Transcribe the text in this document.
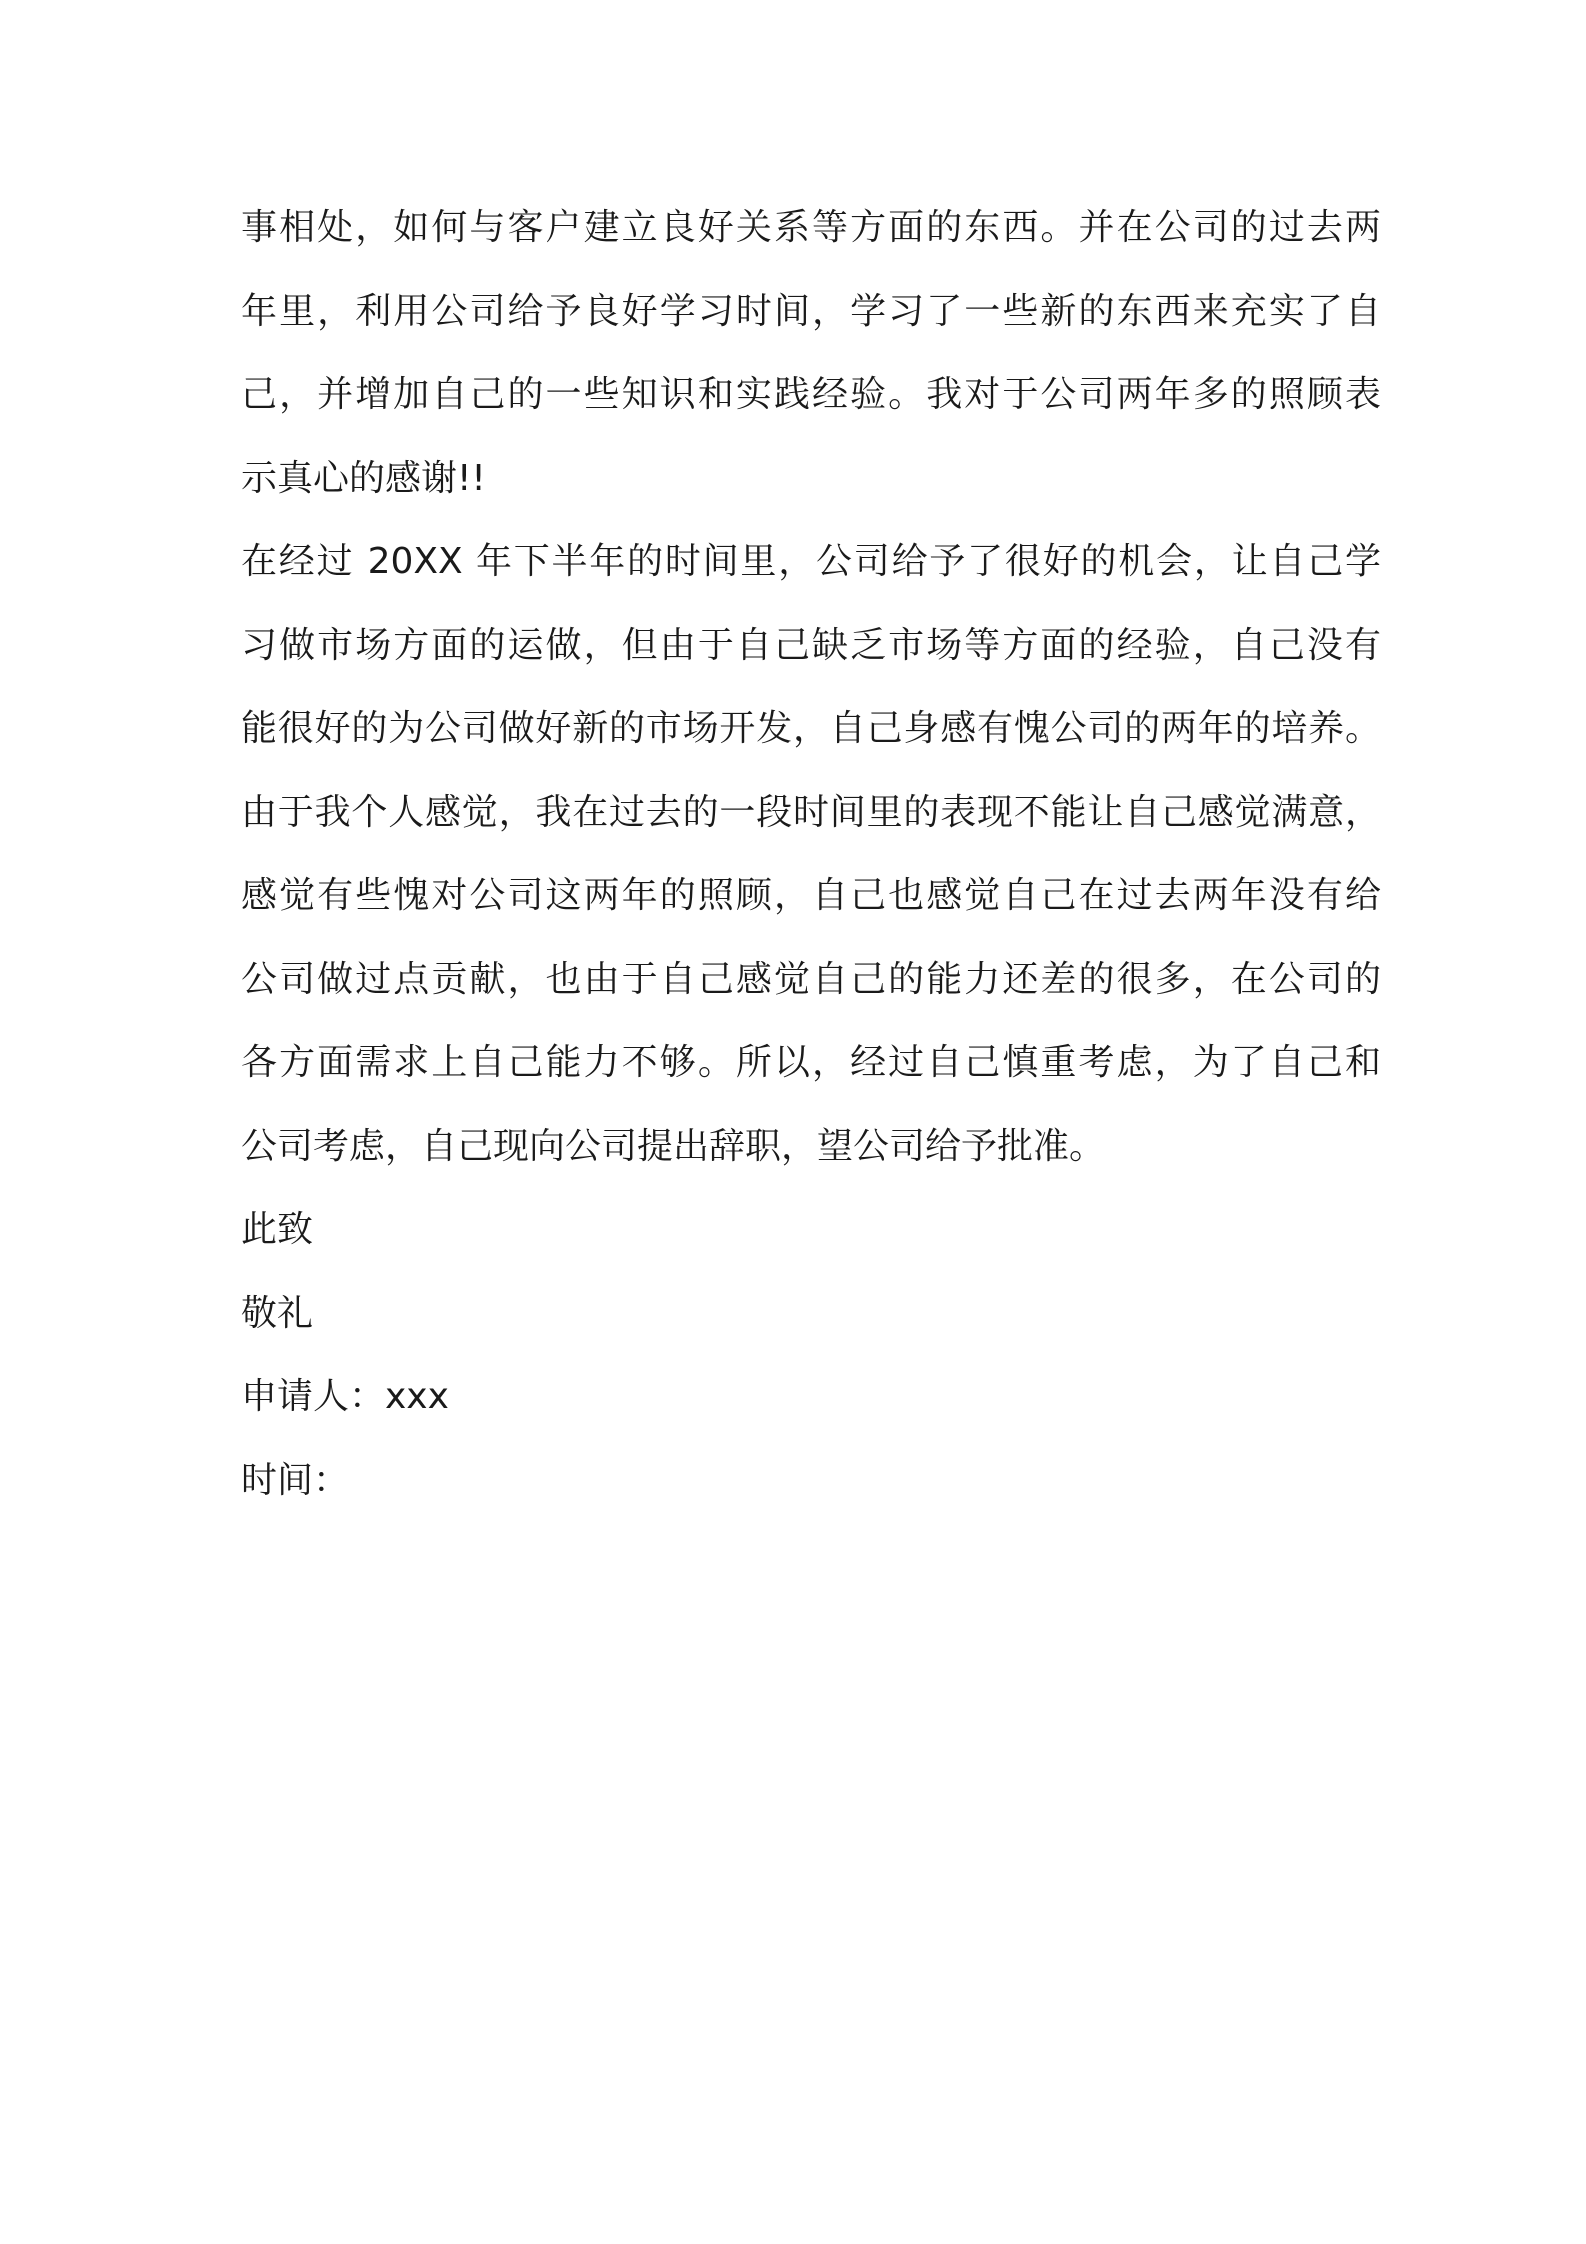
事相处，如何与客户建立良好关系等方面的东西。并在公司的过去两
年里，利用公司给予良好学习时间，学习了一些新的东西来充实了自
己，并增加自己的一些知识和实践经验。我对于公司两年多的照顾表
示真心的感谢!!
在经过 20XX 年下半年的时间里，公司给予了很好的机会，让自己学
习做市场方面的运做，但由于自己缺乏市场等方面的经验，自己没有
能很好的为公司做好新的市场开发，自己身感有愧公司的两年的培养。
由于我个人感觉，我在过去的一段时间里的表现不能让自己感觉满意，
感觉有些愧对公司这两年的照顾，自己也感觉自己在过去两年没有给
公司做过点贡献，也由于自己感觉自己的能力还差的很多，在公司的
各方面需求上自己能力不够。所以，经过自己慎重考虑，为了自己和
公司考虑，自己现向公司提出辞职，望公司给予批准。
此致
敬礼
申请人：xxx
时间：
